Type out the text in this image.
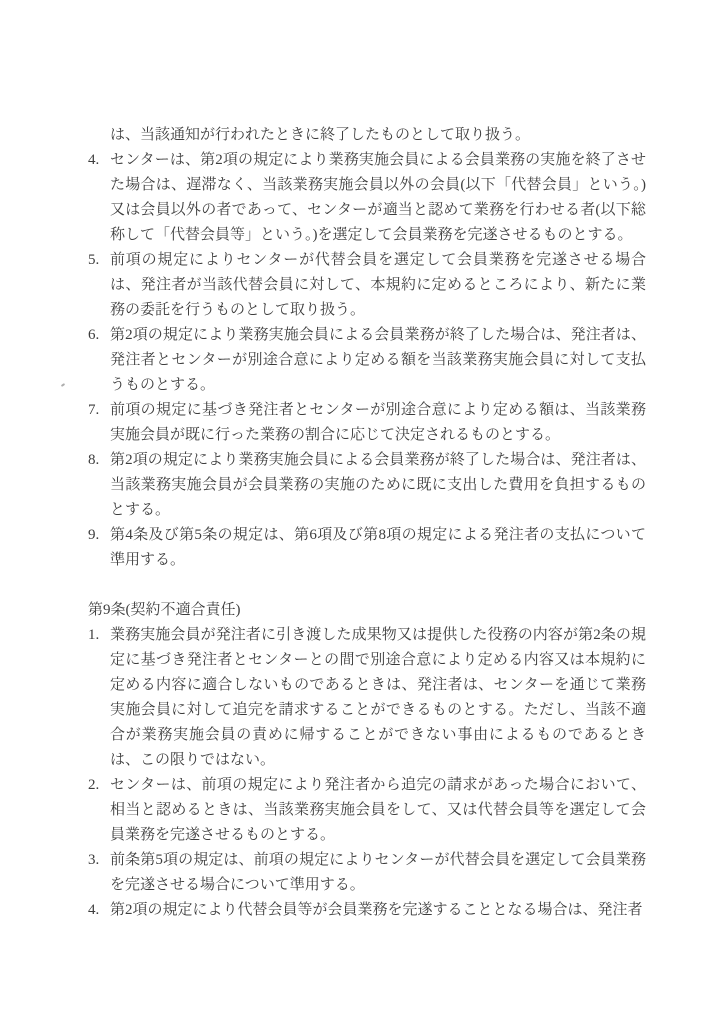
は、当該通知が行われたときに終了したものとして取り扱う。
4. センターは、第2項の規定により業務実施会員による会員業務の実施を終了させた場合は、遅滞なく、当該業務実施会員以外の会員(以下「代替会員」という。)又は会員以外の者であって、センターが適当と認めて業務を行わせる者(以下総称して「代替会員等」という。)を選定して会員業務を完遂させるものとする。
5. 前項の規定によりセンターが代替会員を選定して会員業務を完遂させる場合は、発注者が当該代替会員に対して、本規約に定めるところにより、新たに業務の委託を行うものとして取り扱う。
6. 第2項の規定により業務実施会員による会員業務が終了した場合は、発注者は、発注者とセンターが別途合意により定める額を当該業務実施会員に対して支払うものとする。
7. 前項の規定に基づき発注者とセンターが別途合意により定める額は、当該業務実施会員が既に行った業務の割合に応じて決定されるものとする。
8. 第2項の規定により業務実施会員による会員業務が終了した場合は、発注者は、当該業務実施会員が会員業務の実施のために既に支出した費用を負担するものとする。
9. 第4条及び第5条の規定は、第6項及び第8項の規定による発注者の支払について準用する。
第9条(契約不適合責任)
1. 業務実施会員が発注者に引き渡した成果物又は提供した役務の内容が第2条の規定に基づき発注者とセンターとの間で別途合意により定める内容又は本規約に定める内容に適合しないものであるときは、発注者は、センターを通じて業務実施会員に対して追完を請求することができるものとする。ただし、当該不適合が業務実施会員の責めに帰することができない事由によるものであるときは、この限りではない。
2. センターは、前項の規定により発注者から追完の請求があった場合において、相当と認めるときは、当該業務実施会員をして、又は代替会員等を選定して会員業務を完遂させるものとする。
3. 前条第5項の規定は、前項の規定によりセンターが代替会員を選定して会員業務を完遂させる場合について準用する。
4. 第2項の規定により代替会員等が会員業務を完遂することとなる場合は、発注者
